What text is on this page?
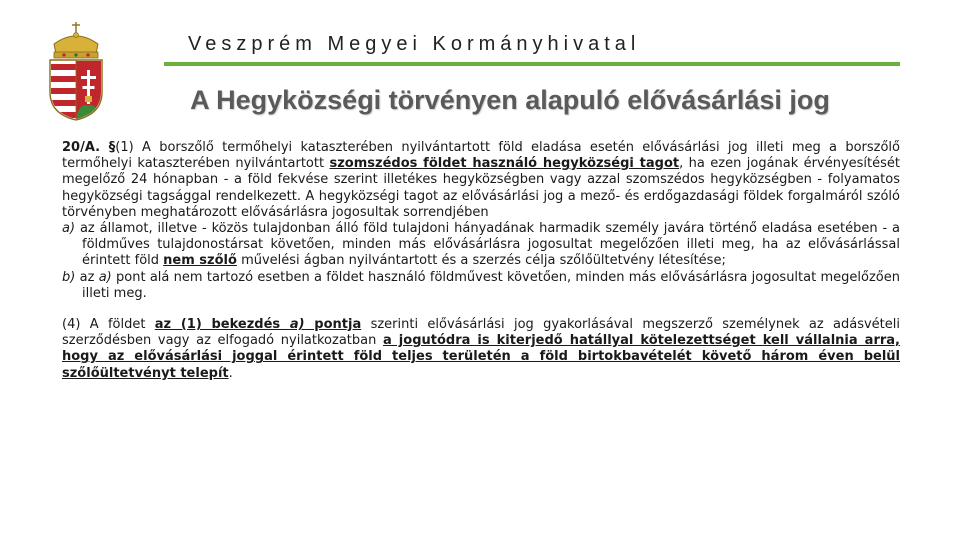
Veszprém Megyei Kormányhivatal
A Hegyközségi törvényen alapuló elővásárlási jog
20/A. §(1) A borszőlő termőhelyi kataszterében nyilvántartott föld eladása esetén elővásárlási jog illeti meg a borszőlő termőhelyi kataszterében nyilvántartott szomszédos földet használó hegyközségi tagot, ha ezen jogának érvényesítését megelőző 24 hónapban - a föld fekvése szerint illetékes hegyközségben vagy azzal szomszédos hegyközségben - folyamatos hegyközségi tagsággal rendelkezett. A hegyközségi tagot az elővásárlási jog a mező- és erdőgazdasági földek forgalmáról szóló törvényben meghatározott elővásárlásra jogosultak sorrendjében
a) az államot, illetve - közös tulajdonban álló föld tulajdoni hányadának harmadik személy javára történő eladása esetében - a földműves tulajdonostársat követően, minden más elővásárlásra jogosultat megelőzően illeti meg, ha az elővásárlással érintett föld nem szőlő művelési ágban nyilvántartott és a szerzés célja szőlőültetvény létesítése;
b) az a) pont alá nem tartozó esetben a földet használó földművest követően, minden más elővásárlásra jogosultat megelőzően illeti meg.
(4) A földet az (1) bekezdés a) pontja szerinti elővásárlási jog gyakorlásával megszerző személynek az adásvételi szerződésben vagy az elfogadó nyilatkozatban a jogutódra is kiterjedő hatállyal kötelezettséget kell vállalnia arra, hogy az elővásárlási joggal érintett föld teljes területén a föld birtokbavételét követő három éven belül szőlőültetvényt telepít.
